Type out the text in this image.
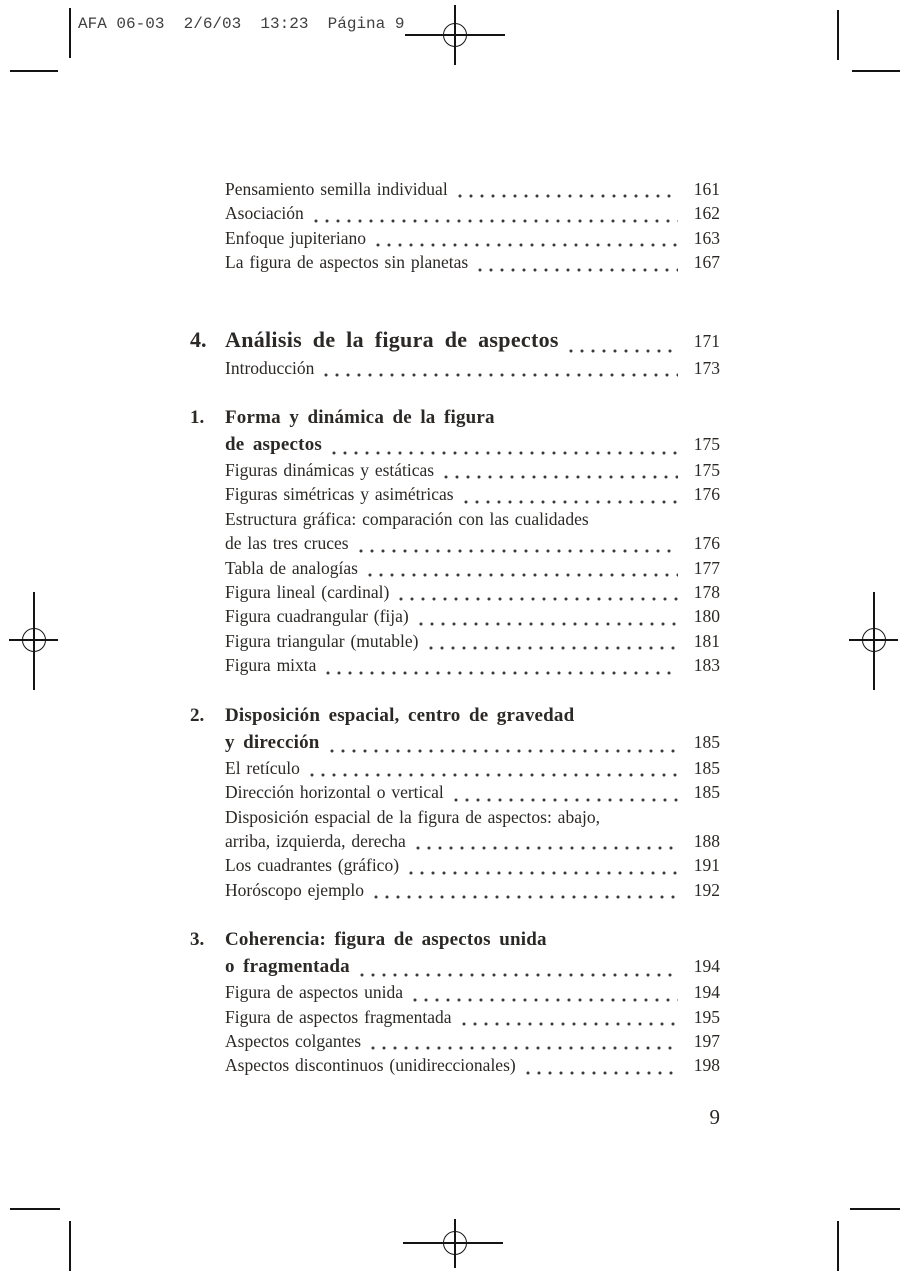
AFA 06-03  2/6/03  13:23  Página 9
Pensamiento semilla individual	161
Asociación	162
Enfoque jupiteriano	163
La figura de aspectos sin planetas	167
4. Análisis de la figura de aspectos	171
Introducción	173
1. Forma y dinámica de la figura
de aspectos	175
Figuras dinámicas y estáticas	175
Figuras simétricas y asimétricas	176
Estructura gráfica: comparación con las cualidades
de las tres cruces	176
Tabla de analogías	177
Figura lineal (cardinal)	178
Figura cuadrangular (fija)	180
Figura triangular (mutable)	181
Figura mixta	183
2. Disposición espacial, centro de gravedad
y dirección	185
El retículo	185
Dirección horizontal o vertical	185
Disposición espacial de la figura de aspectos: abajo,
arriba, izquierda, derecha	188
Los cuadrantes (gráfico)	191
Horóscopo ejemplo	192
3. Coherencia: figura de aspectos unida
o fragmentada	194
Figura de aspectos unida	194
Figura de aspectos fragmentada	195
Aspectos colgantes	197
Aspectos discontinuos (unidireccionales)	198
9
